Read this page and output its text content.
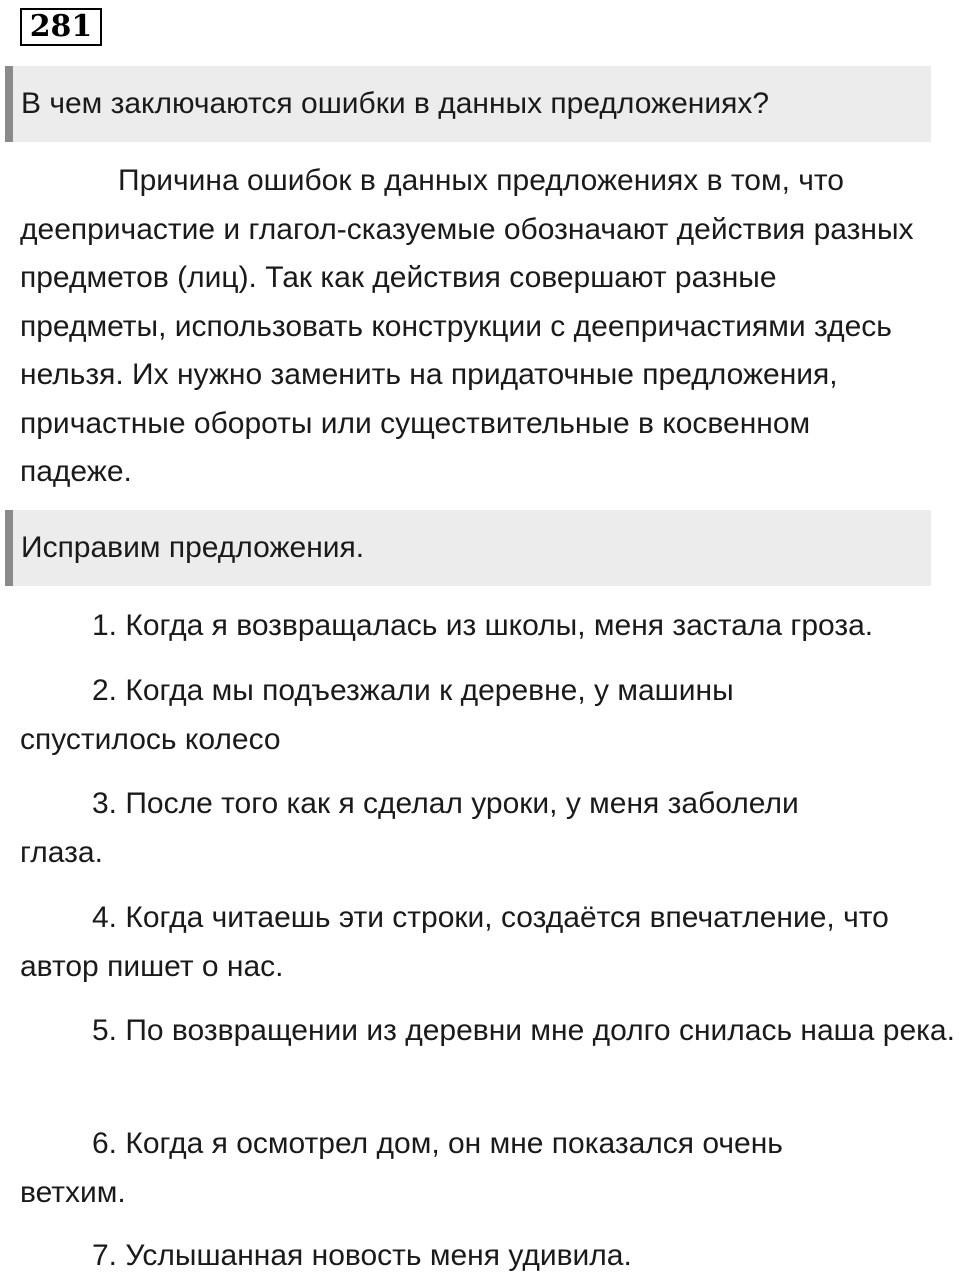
281
В чем заключаются ошибки в данных предложениях?
Причина ошибок в данных предложениях в том, что деепричастие и глагол-сказуемые обозначают действия разных предметов (лиц). Так как действия совершают разные предметы, использовать конструкции с деепричастиями здесь нельзя. Их нужно заменить на придаточные предложения, причастные обороты или существительные в косвенном падеже.
Исправим предложения.
1. Когда я возвращалась из школы, меня застала гроза.
2. Когда мы подъезжали к деревне, у машины спустилось колесо
3. После того как я сделал уроки, у меня заболели глаза.
4. Когда читаешь эти строки, создаётся впечатление, что автор пишет о нас.
5. По возвращении из деревни мне долго снилась наша река.
6. Когда я осмотрел дом, он мне показался очень ветхим.
7. Услышанная новость меня удивила.
